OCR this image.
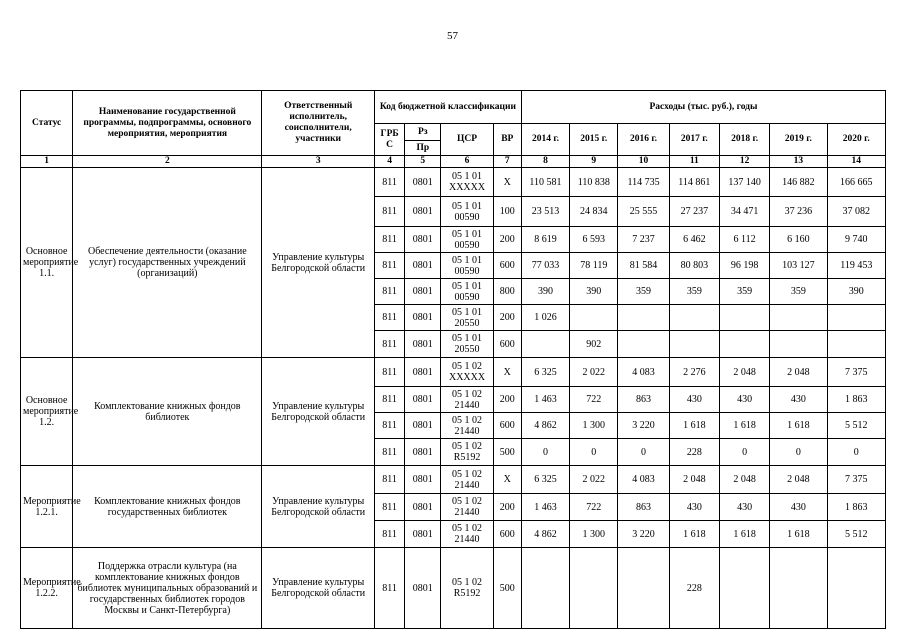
57
Статус	Наименование государственной программы, подпрограммы, основного мероприятия, мероприятия	Ответственный исполнитель, соисполнители, участники	Код бюджетной классификации				Расходы (тыс. руб.), годы						
			ГРБ С	Рз	ЦСР	ВР	2014 г.	2015 г.	2016 г.	2017 г.	2018 г.	2019 г.	2020 г.
				Пр									
1	2	3	4	5	6	7	8	9	10	11	12	13	14
Основное мероприятие 1.1.	Обеспечение деятельности (оказание услуг) государственных учреждений (организаций)	Управление культуры Белгородской области	811	0801	05 1 01 ХХХХХ	Х	110 581	110 838	114 735	114 861	137 140	146 882	166 665
			811	0801	05 1 01 00590	100	23 513	24 834	25 555	27 237	34 471	37 236	37 082
			811	0801	05 1 01 00590	200	8 619	6 593	7 237	6 462	6 112	6 160	9 740
			811	0801	05 1 01 00590	600	77 033	78 119	81 584	80 803	96 198	103 127	119 453
			811	0801	05 1 01 00590	800	390	390	359	359	359	359	390
			811	0801	05 1 01 20550	200	1 026						
			811	0801	05 1 01 20550	600		902					
Основное мероприятие 1.2.	Комплектование книжных фондов библиотек	Управление культуры Белгородской области	811	0801	05 1 02 ХХХХХ	Х	6 325	2 022	4 083	2 276	2 048	2 048	7 375
			811	0801	05 1 02 21440	200	1 463	722	863	430	430	430	1 863
			811	0801	05 1 02 21440	600	4 862	1 300	3 220	1 618	1 618	1 618	5 512
			811	0801	05 1 02 R5192	500	0	0	0	228	0	0	0
Мероприятие 1.2.1.	Комплектование книжных фондов государственных библиотек	Управление культуры Белгородской области	811	0801	05 1 02 21440	Х	6 325	2 022	4 083	2 048	2 048	2 048	7 375
			811	0801	05 1 02 21440	200	1 463	722	863	430	430	430	1 863
			811	0801	05 1 02 21440	600	4 862	1 300	3 220	1 618	1 618	1 618	5 512
Мероприятие 1.2.2.	Поддержка отрасли культура (на комплектование книжных фондов библиотек муниципальных образований и государственных библиотек городов Москвы и Санкт-Петербурга)	Управление культуры Белгородской области	811	0801	05 1 02 R5192	500				228			
